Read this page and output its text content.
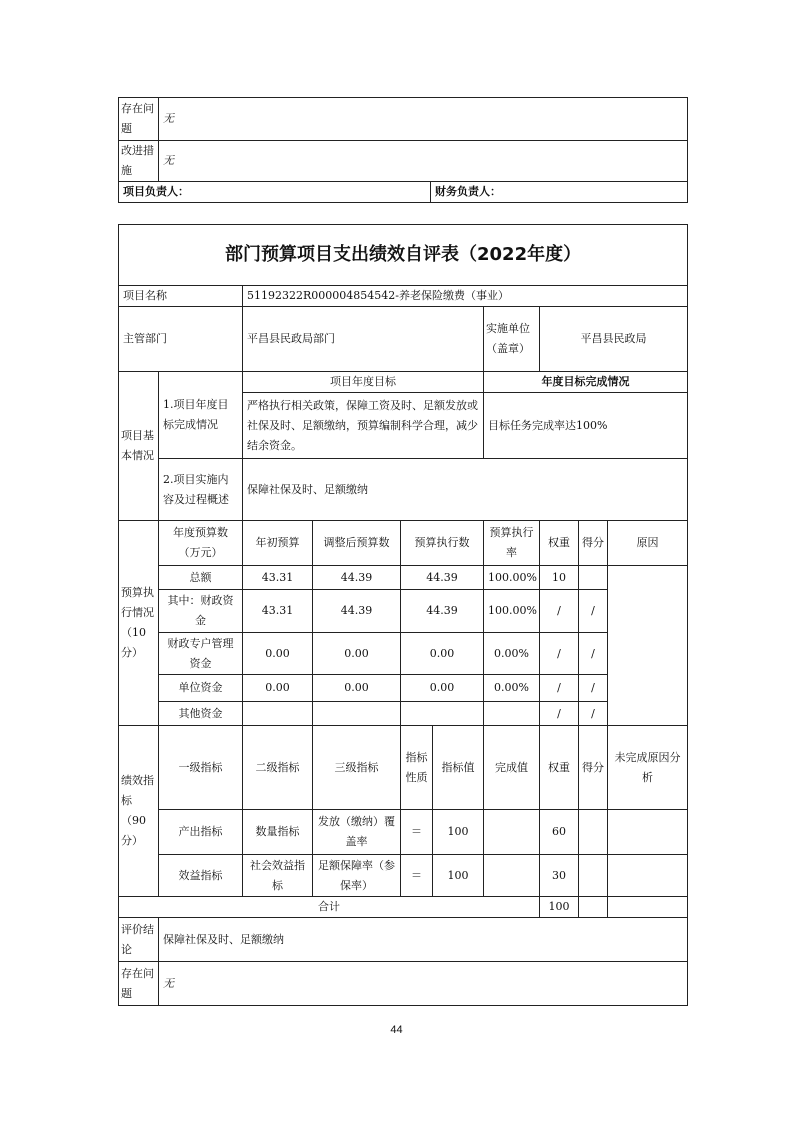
存在问题	无	
改进措施	无	
项目负责人：		财务负责人：
部门预算项目支出绩效自评表（2022年度）									
项目名称		51192322R000004854542-养老保险缴费（事业）							
主管部门		平昌县民政局部门				实施单位（盖章）	平昌县民政局		
项目基本情况	1.项目年度目标完成情况	项目年度目标				年度目标完成情况			
		严格执行相关政策，保障工资及时、足额发放或社保及时、足额缴纳，预算编制科学合理，减少结余资金。				目标任务完成率达100%			
	2.项目实施内容及过程概述	保障社保及时、足额缴纳							
预算执行情况（10分）	年度预算数（万元）	年初预算	调整后预算数	预算执行数		预算执行率	权重	得分	原因
	总额	43.31	44.39	44.39		100.00%	10		
	其中：财政资金	43.31	44.39	44.39		100.00%	/	/	
	财政专户管理资金	0.00	0.00	0.00		0.00%	/	/	
	单位资金	0.00	0.00	0.00		0.00%	/	/	
	其他资金						/	/	
绩效指标（90分）	一级指标	二级指标	三级指标	指标性质	指标值	完成值	权重	得分	未完成原因分析
	产出指标	数量指标	发放（缴纳）覆盖率	＝	100		60		
	效益指标	社会效益指标	足额保障率（参保率）	＝	100		30		
合计							100		
评价结论	保障社保及时、足额缴纳								
存在问题	无								
44
